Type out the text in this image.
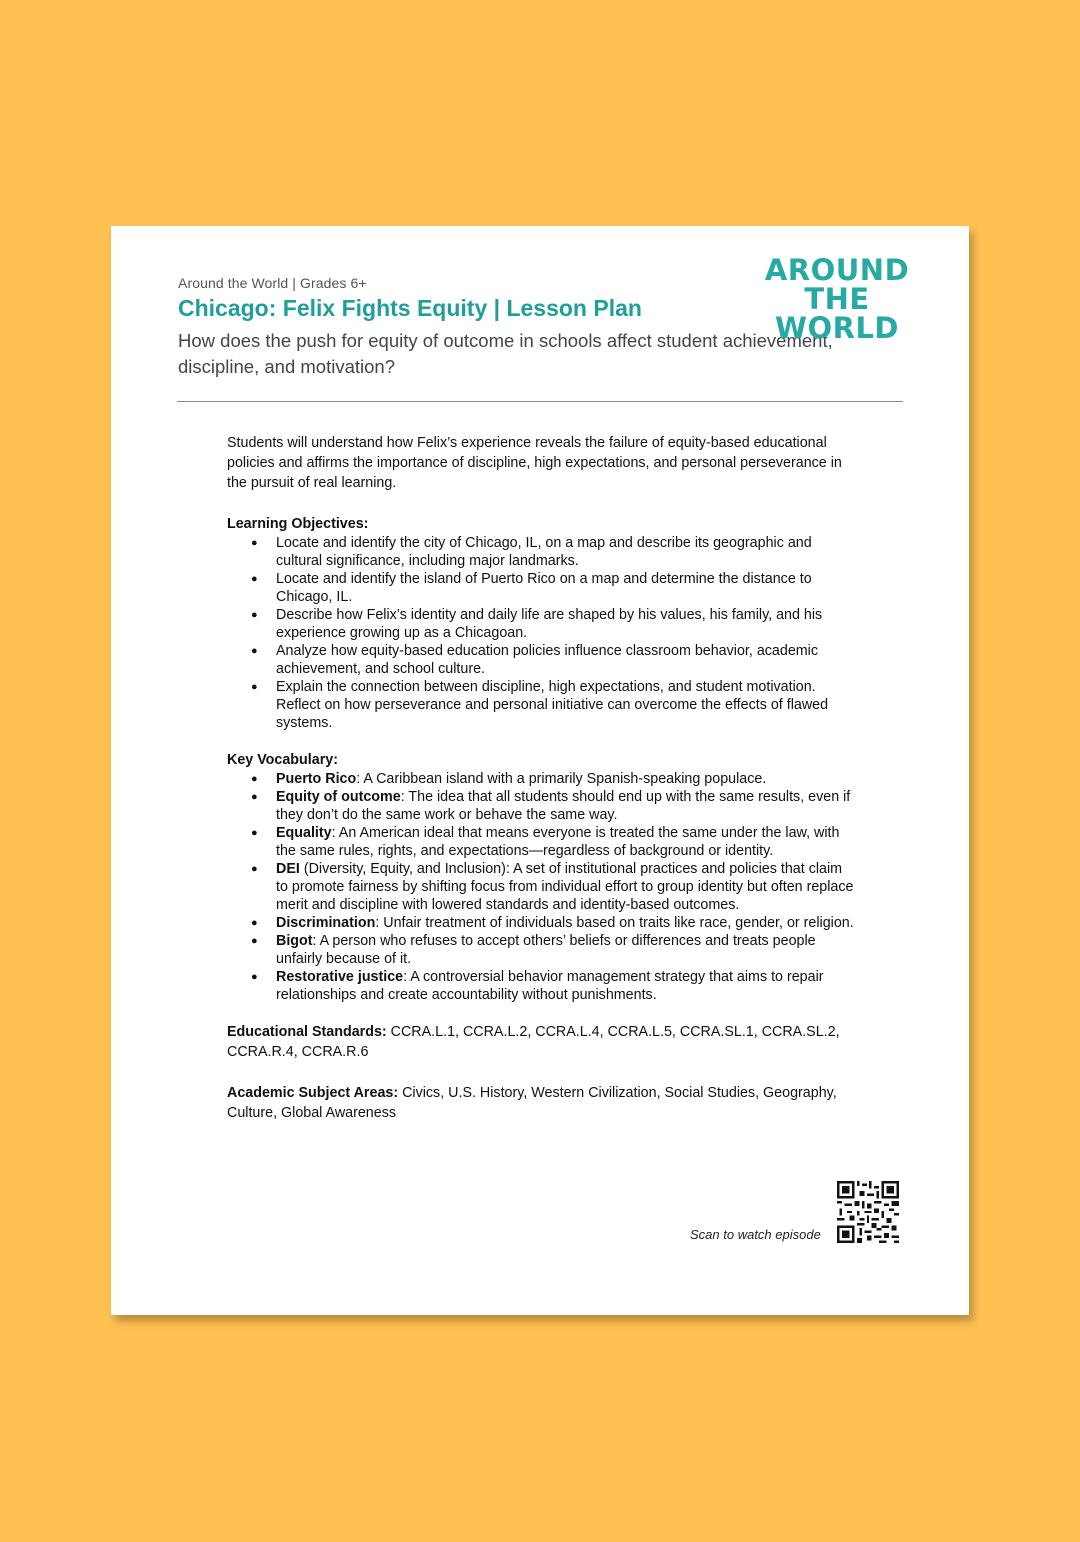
Around the World | Grades 6+
Chicago: Felix Fights Equity | Lesson Plan
How does the push for equity of outcome in schools affect student achievement, discipline, and motivation?
AROUND
THE WORLD

Students will understand how Felix’s experience reveals the failure of equity-based educational policies and affirms the importance of discipline, high expectations, and personal perseverance in the pursuit of real learning.

Learning Objectives:

● Locate and identify the city of Chicago, IL, on a map and describe its geographic and cultural significance, including major landmarks.
● Locate and identify the island of Puerto Rico on a map and determine the distance to Chicago, IL.
● Describe how Felix’s identity and daily life are shaped by his values, his family, and his experience growing up as a Chicagoan.
● Analyze how equity-based education policies influence classroom behavior, academic achievement, and school culture.
● Explain the connection between discipline, high expectations, and student motivation. Reflect on how perseverance and personal initiative can overcome the effects of flawed systems.

Key Vocabulary:

● Puerto Rico: A Caribbean island with a primarily Spanish-speaking populace.
● Equity of outcome: The idea that all students should end up with the same results, even if they don’t do the same work or behave the same way.
● Equality: An American ideal that means everyone is treated the same under the law, with the same rules, rights, and expectations—regardless of background or identity.
● DEI (Diversity, Equity, and Inclusion): A set of institutional practices and policies that claim to promote fairness by shifting focus from individual effort to group identity but often replace merit and discipline with lowered standards and identity-based outcomes.
● Discrimination: Unfair treatment of individuals based on traits like race, gender, or religion.
● Bigot: A person who refuses to accept others’ beliefs or differences and treats people unfairly because of it.
● Restorative justice: A controversial behavior management strategy that aims to repair relationships and create accountability without punishments.

Educational Standards: CCRA.L.1, CCRA.L.2, CCRA.L.4, CCRA.L.5, CCRA.SL.1, CCRA.SL.2, CCRA.R.4, CCRA.R.6

Academic Subject Areas: Civics, U.S. History, Western Civilization, Social Studies, Geography, Culture, Global Awareness

Scan to watch episode
